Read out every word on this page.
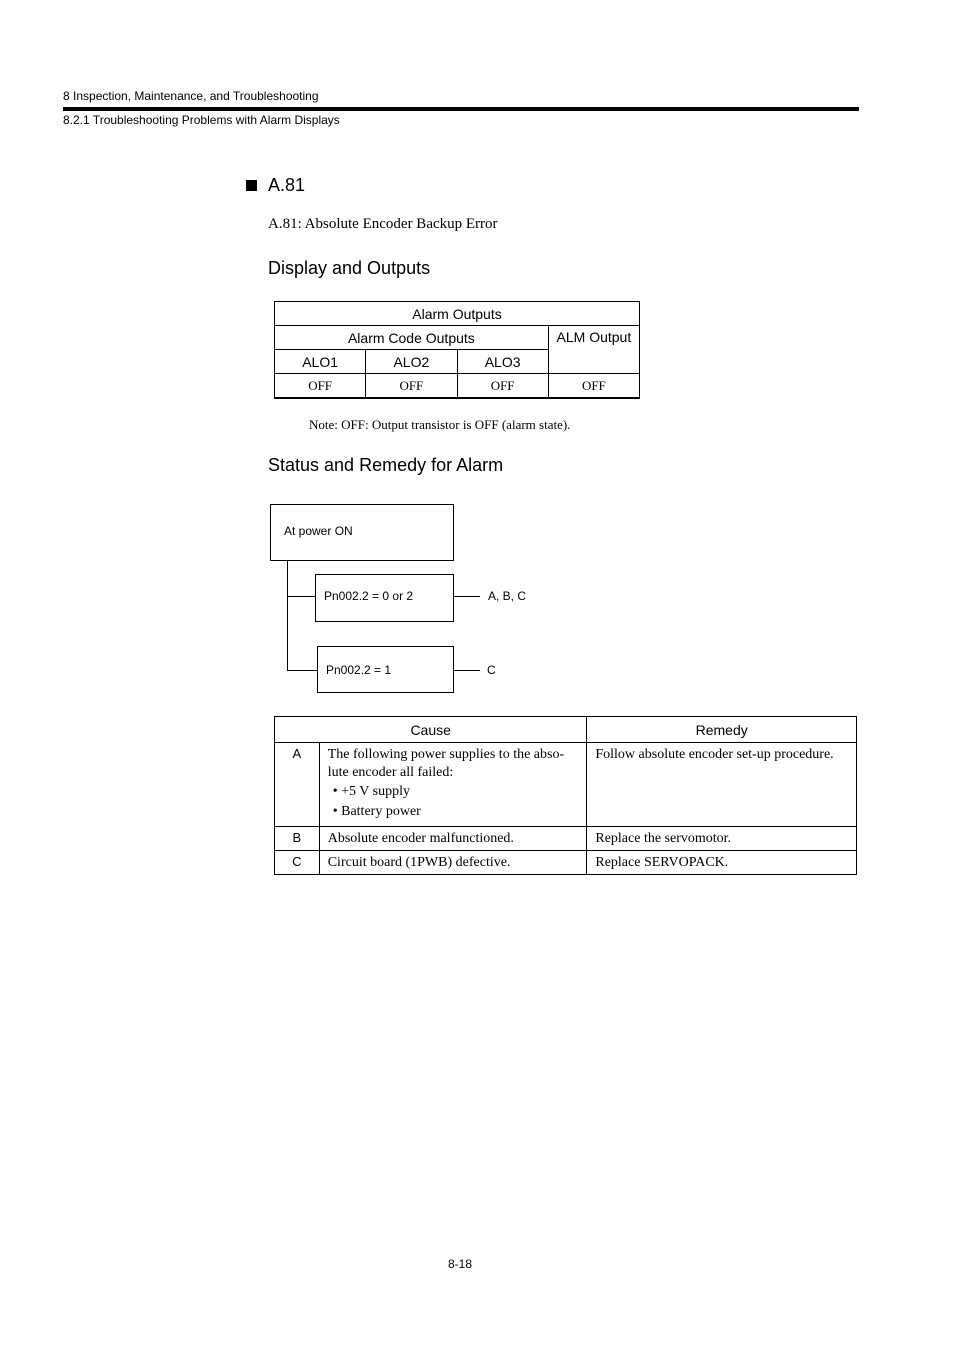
8 Inspection, Maintenance, and Troubleshooting
8.2.1 Troubleshooting Problems with Alarm Displays
A.81
A.81: Absolute Encoder Backup Error
Display and Outputs
Alarm Outputs			
Alarm Code Outputs			ALM Output
ALO1	ALO2	ALO3	
OFF	OFF	OFF	OFF
Note: OFF: Output transistor is OFF (alarm state).
Status and Remedy for Alarm
At power ON
Pn002.2 = 0 or 2	A, B, C
Pn002.2 = 1	C
Cause		Remedy
A	The following power supplies to the abso-lute encoder all failed:
• +5 V supply
• Battery power	Follow absolute encoder set-up procedure.
B	Absolute encoder malfunctioned.	Replace the servomotor.
C	Circuit board (1PWB) defective.	Replace SERVOPACK.
8-18
